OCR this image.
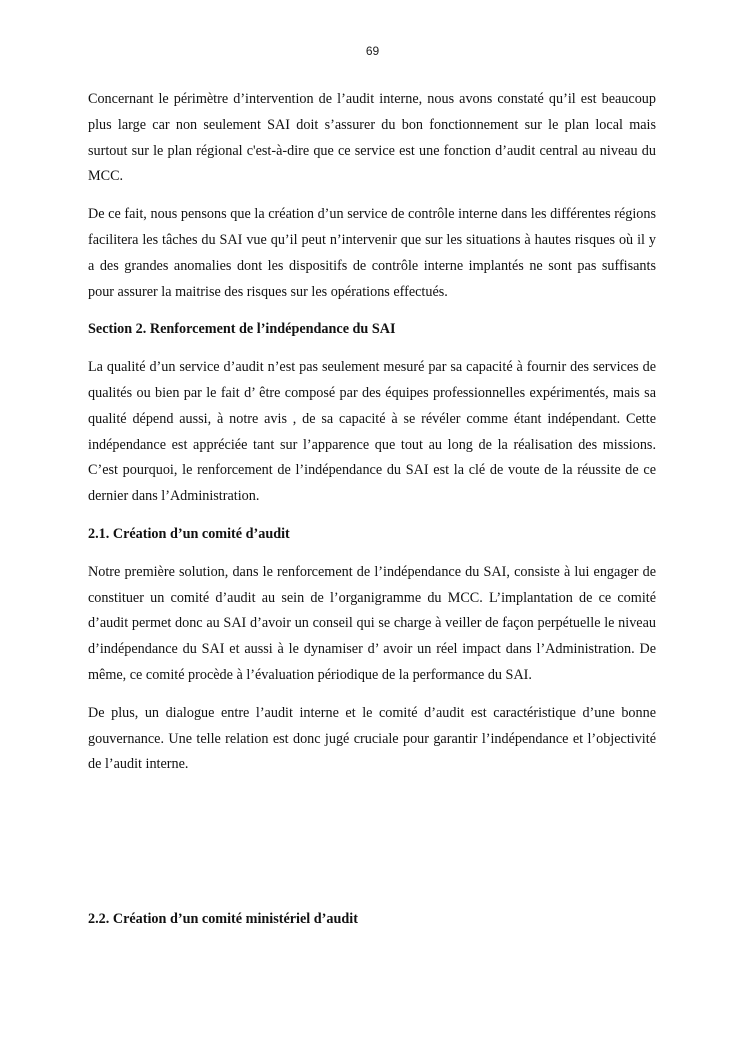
69

Concernant le périmètre d’intervention de l’audit interne, nous avons constaté qu’il est beaucoup plus large car non seulement SAI doit s’assurer du bon fonctionnement sur le plan local mais surtout sur le plan régional c'est-à-dire que ce service est une fonction d’audit central au niveau du MCC.

De ce fait, nous pensons que la création d’un service de contrôle interne dans les différentes régions facilitera les tâches du SAI vue qu’il peut n’intervenir que sur les situations à hautes risques où il y a des grandes anomalies dont les dispositifs de contrôle interne implantés ne sont pas suffisants pour assurer la maitrise des risques sur les opérations effectués.

Section 2. Renforcement de l’indépendance du SAI

La qualité d’un service d’audit n’est pas seulement mesuré par sa capacité à fournir des services de qualités ou bien par le fait d’ être composé par des équipes professionnelles expérimentés, mais sa qualité dépend aussi, à notre avis , de sa capacité à se révéler comme étant indépendant. Cette indépendance est appréciée tant sur l’apparence que tout au long de la réalisation des missions. C’est pourquoi, le renforcement de l’indépendance du SAI est la clé de voute de la réussite de ce dernier dans l’Administration.

2.1. Création d’un comité d’audit

Notre première solution, dans le renforcement de l’indépendance du SAI, consiste à lui engager de constituer un comité d’audit au sein de l’organigramme du MCC. L’implantation de ce comité d’audit permet donc au SAI d’avoir un conseil qui se charge à veiller de façon perpétuelle le niveau d’indépendance du SAI et aussi à le dynamiser d’ avoir un réel impact dans l’Administration. De même, ce comité procède à l’évaluation périodique de la performance du SAI.

De plus, un dialogue entre l’audit interne et le comité d’audit est caractéristique d’une bonne gouvernance. Une telle relation est donc jugé cruciale pour garantir l’indépendance et l’objectivité de l’audit interne.

2.2. Création d’un comité ministériel d’audit
